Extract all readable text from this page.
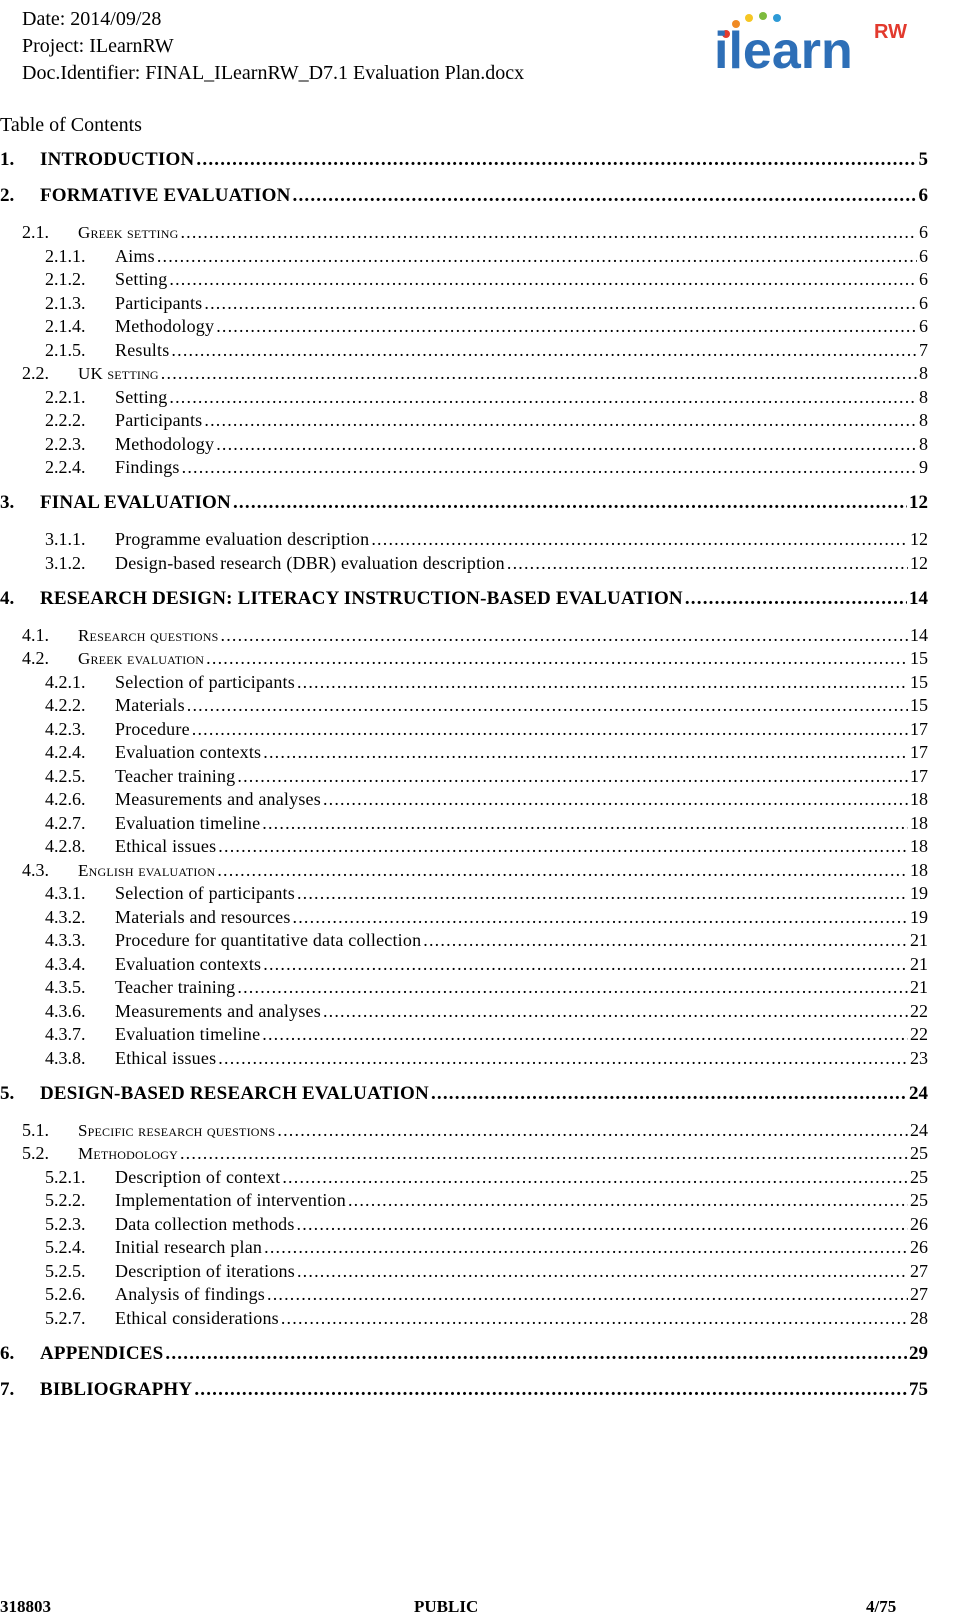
Date: 2014/09/28
Project: ILearnRW
Doc.Identifier: FINAL_ILearnRW_D7.1 Evaluation Plan.docx	ilearn RW
Table of Contents
1.	INTRODUCTION .....	5
2.	FORMATIVE EVALUATION .....	6
2.1.	Greek setting .....	6
2.1.1.	Aims .....	6
2.1.2.	Setting .....	6
2.1.3.	Participants .....	6
2.1.4.	Methodology .....	6
2.1.5.	Results .....	7
2.2.	UK setting .....	8
2.2.1.	Setting .....	8
2.2.2.	Participants .....	8
2.2.3.	Methodology .....	8
2.2.4.	Findings .....	9
3.	FINAL EVALUATION .....	12
3.1.1.	Programme evaluation description .....	12
3.1.2.	Design-based research (DBR) evaluation description .....	12
4.	RESEARCH DESIGN: LITERACY INSTRUCTION-BASED EVALUATION .....	14
4.1.	Research questions .....	14
4.2.	Greek evaluation .....	15
4.2.1.	Selection of participants .....	15
4.2.2.	Materials .....	15
4.2.3.	Procedure .....	17
4.2.4.	Evaluation contexts .....	17
4.2.5.	Teacher training .....	17
4.2.6.	Measurements and analyses .....	18
4.2.7.	Evaluation timeline .....	18
4.2.8.	Ethical issues .....	18
4.3.	English evaluation .....	18
4.3.1.	Selection of participants .....	19
4.3.2.	Materials and resources .....	19
4.3.3.	Procedure for quantitative data collection .....	21
4.3.4.	Evaluation contexts .....	21
4.3.5.	Teacher training .....	21
4.3.6.	Measurements and analyses .....	22
4.3.7.	Evaluation timeline .....	22
4.3.8.	Ethical issues .....	23
5.	DESIGN-BASED RESEARCH EVALUATION .....	24
5.1.	Specific research questions .....	24
5.2.	Methodology .....	25
5.2.1.	Description of context .....	25
5.2.2.	Implementation of intervention .....	25
5.2.3.	Data collection methods .....	26
5.2.4.	Initial research plan .....	26
5.2.5.	Description of iterations .....	27
5.2.6.	Analysis of findings .....	27
5.2.7.	Ethical considerations .....	28
6.	APPENDICES .....	29
7.	BIBLIOGRAPHY .....	75
318803	PUBLIC	4/75
